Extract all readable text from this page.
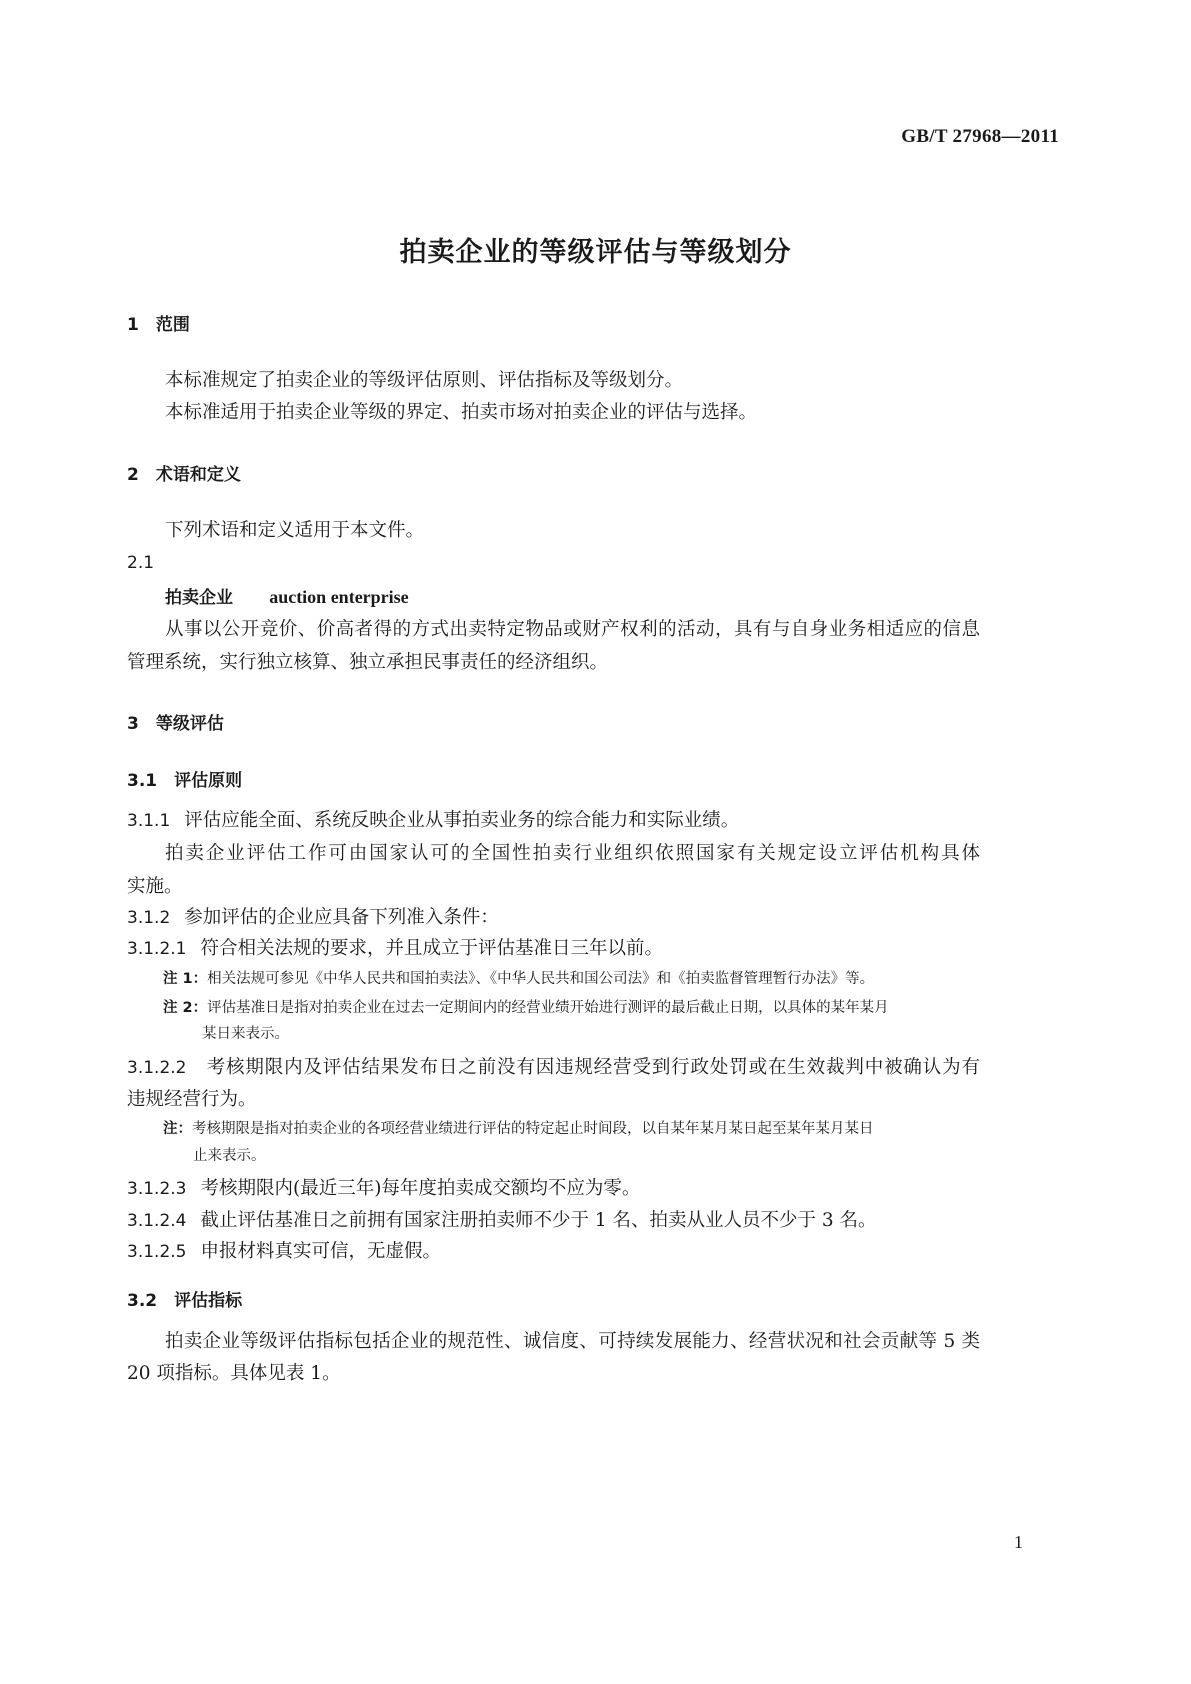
GB/T 27968—2011
拍卖企业的等级评估与等级划分
1　范围
本标准规定了拍卖企业的等级评估原则、评估指标及等级划分。
本标准适用于拍卖企业等级的界定、拍卖市场对拍卖企业的评估与选择。
2　术语和定义
下列术语和定义适用于本文件。
2.1
拍卖企业 auction enterprise
从事以公开竞价、价高者得的方式出卖特定物品或财产权利的活动，具有与自身业务相适应的信息
管理系统，实行独立核算、独立承担民事责任的经济组织。
3　等级评估
3.1　评估原则
3.1.1 评估应能全面、系统反映企业从事拍卖业务的综合能力和实际业绩。
拍卖企业评估工作可由国家认可的全国性拍卖行业组织依照国家有关规定设立评估机构具体
实施。
3.1.2 参加评估的企业应具备下列准入条件：
3.1.2.1 符合相关法规的要求，并且成立于评估基准日三年以前。
注 1：相关法规可参见《中华人民共和国拍卖法》、《中华人民共和国公司法》和《拍卖监督管理暂行办法》等。
注 2：评估基准日是指对拍卖企业在过去一定期间内的经营业绩开始进行测评的最后截止日期，以具体的某年某月
某日来表示。
3.1.2.2　 考核期限内及评估结果发布日之前没有因违规经营受到行政处罚或在生效裁判中被确认为有
违规经营行为。
注：考核期限是指对拍卖企业的各项经营业绩进行评估的特定起止时间段，以自某年某月某日起至某年某月某日
止来表示。
3.1.2.3 考核期限内(最近三年)每年度拍卖成交额均不应为零。
3.1.2.4 截止评估基准日之前拥有国家注册拍卖师不少于 1 名、拍卖从业人员不少于 3 名。
3.1.2.5 申报材料真实可信，无虚假。
3.2　评估指标
拍卖企业等级评估指标包括企业的规范性、诚信度、可持续发展能力、经营状况和社会贡献等 5 类
20 项指标。具体见表 1。
1
